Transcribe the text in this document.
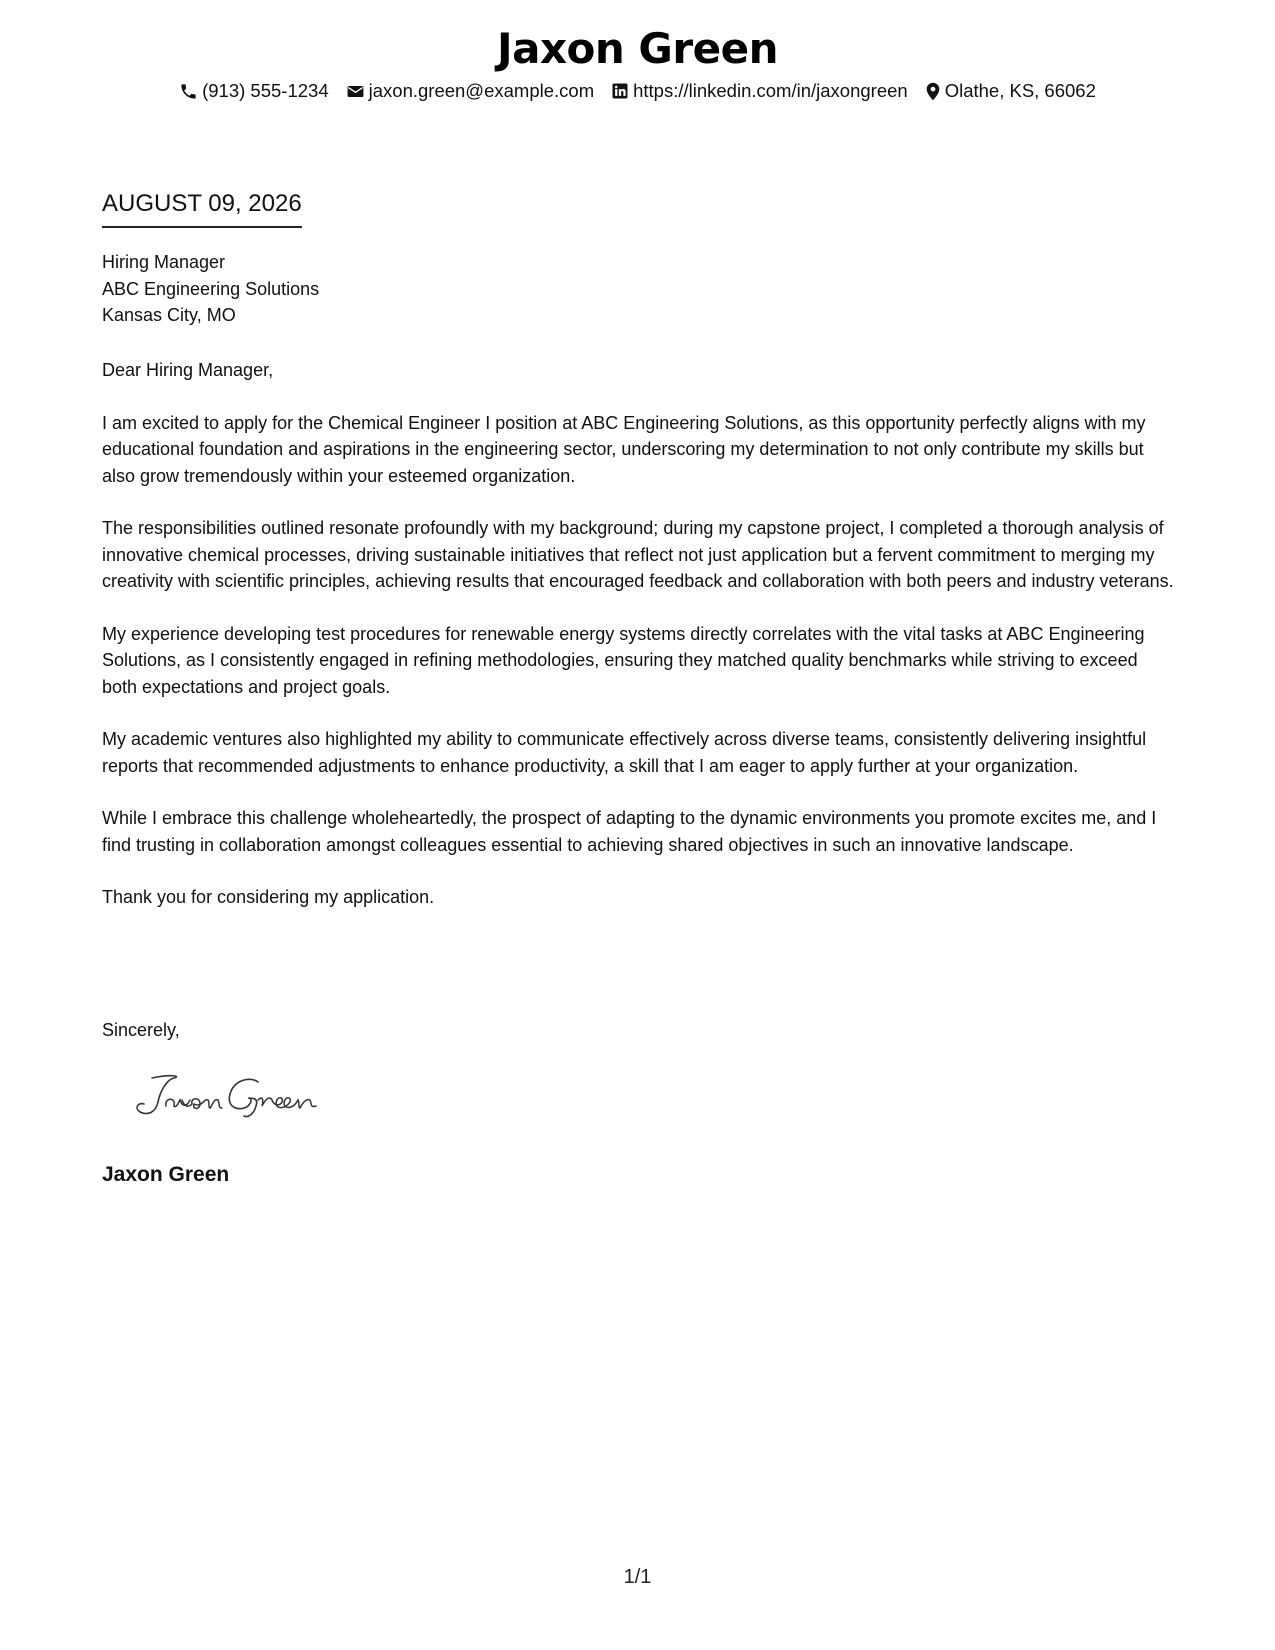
Jaxon Green
(913) 555-1234 jaxon.green@example.com https://linkedin.com/in/jaxongreen Olathe, KS, 66062
AUGUST 09, 2026
Hiring Manager
ABC Engineering Solutions
Kansas City, MO

Dear Hiring Manager,

I am excited to apply for the Chemical Engineer I position at ABC Engineering Solutions, as this opportunity perfectly aligns with my educational foundation and aspirations in the engineering sector, underscoring my determination to not only contribute my skills but also grow tremendously within your esteemed organization.

The responsibilities outlined resonate profoundly with my background; during my capstone project, I completed a thorough analysis of innovative chemical processes, driving sustainable initiatives that reflect not just application but a fervent commitment to merging my creativity with scientific principles, achieving results that encouraged feedback and collaboration with both peers and industry veterans.

My experience developing test procedures for renewable energy systems directly correlates with the vital tasks at ABC Engineering Solutions, as I consistently engaged in refining methodologies, ensuring they matched quality benchmarks while striving to exceed both expectations and project goals.

My academic ventures also highlighted my ability to communicate effectively across diverse teams, consistently delivering insightful reports that recommended adjustments to enhance productivity, a skill that I am eager to apply further at your organization.

While I embrace this challenge wholeheartedly, the prospect of adapting to the dynamic environments you promote excites me, and I find trusting in collaboration amongst colleagues essential to achieving shared objectives in such an innovative landscape.

Thank you for considering my application.

Sincerely,
Jaxon Green
1/1
